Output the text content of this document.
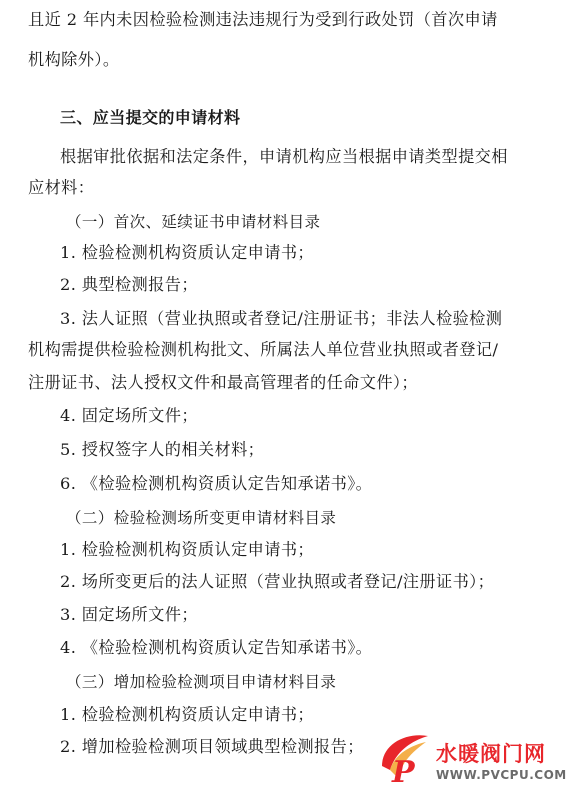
且近 2 年内未因检验检测违法违规行为受到行政处罚（首次申请
机构除外）。
三、应当提交的申请材料
根据审批依据和法定条件，申请机构应当根据申请类型提交相
应材料：
（一）首次、延续证书申请材料目录
1. 检验检测机构资质认定申请书；
2. 典型检测报告；
3. 法人证照（营业执照或者登记/注册证书；非法人检验检测
机构需提供检验检测机构批文、所属法人单位营业执照或者登记/
注册证书、法人授权文件和最高管理者的任命文件）；
4. 固定场所文件；
5. 授权签字人的相关材料；
6. 《检验检测机构资质认定告知承诺书》。
（二）检验检测场所变更申请材料目录
1. 检验检测机构资质认定申请书；
2. 场所变更后的法人证照（营业执照或者登记/注册证书）；
3. 固定场所文件；
4. 《检验检测机构资质认定告知承诺书》。
（三）增加检验检测项目申请材料目录
1. 检验检测机构资质认定申请书；
2. 增加检验检测项目领域典型检测报告；
P
水暖阀门网
WWW.PVCPU.COM
